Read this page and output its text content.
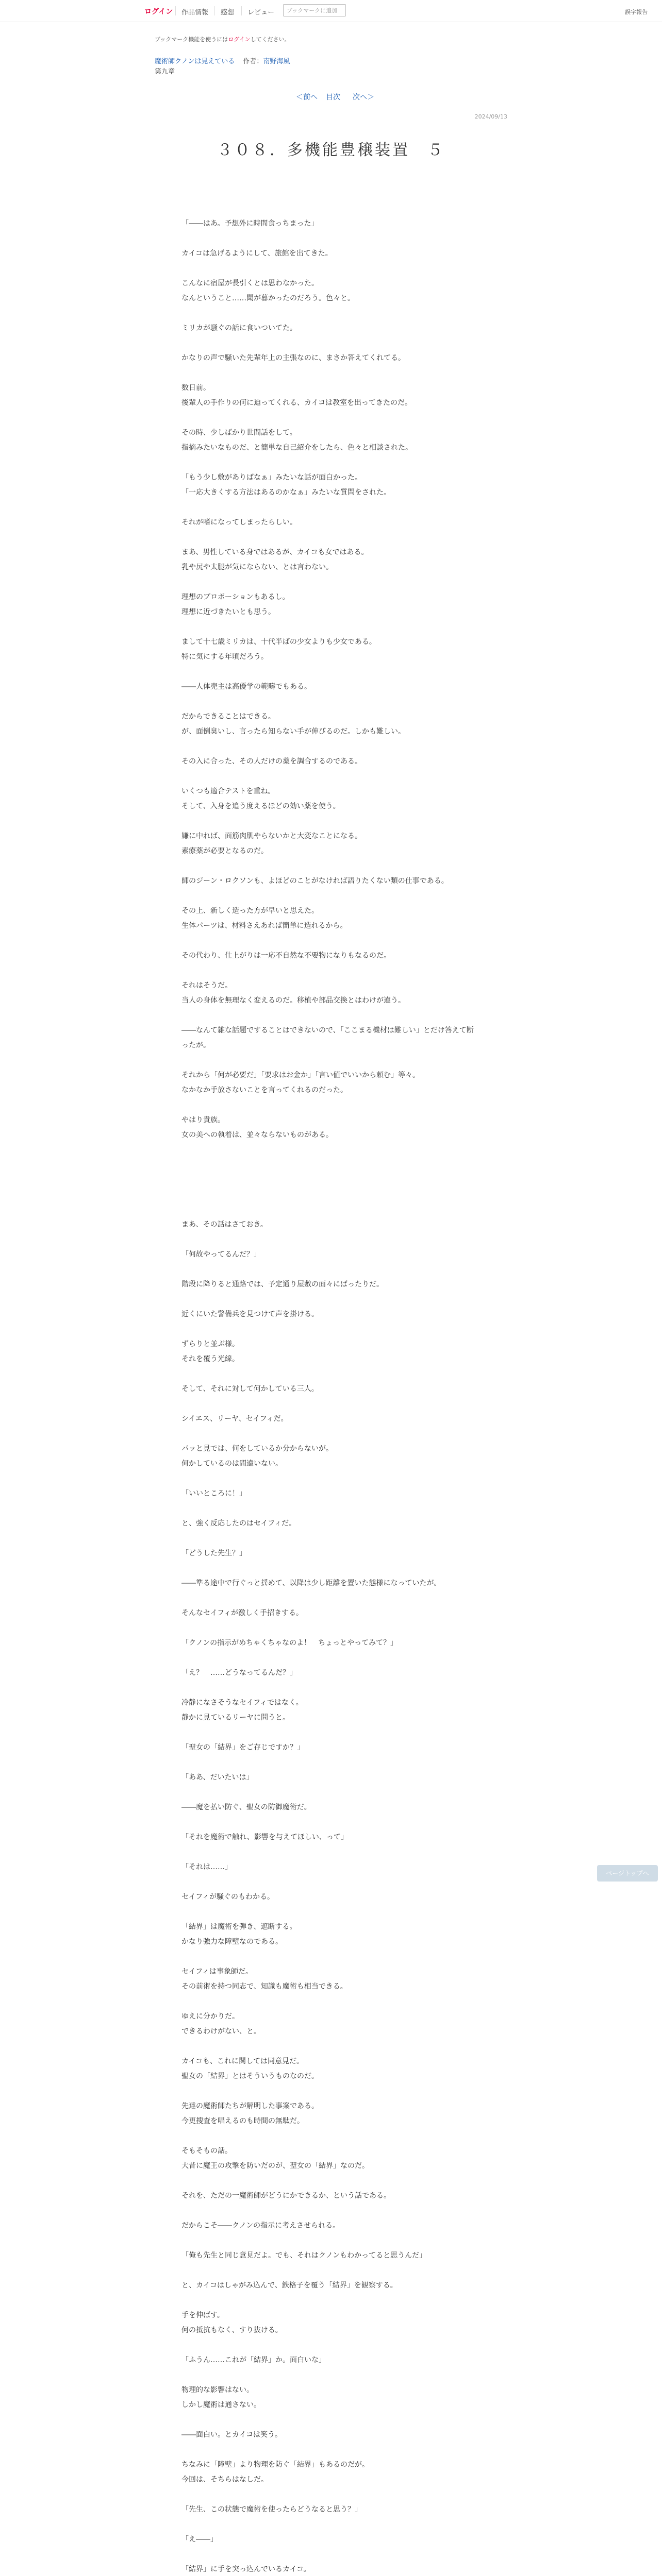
ログイン 作品情報 感想 レビュー	ブックマークに追加	誤字報告
ブックマーク機能を使うにはログインしてください。
魔術師クノンは見えている 作者：南野海風
第九章
＜前へ 目次 次へ＞
2024/09/13
３０８．多機能豊穣装置　５

「――はあ。予想外に時間食っちまった」

カイコは急げるようにして、旅館を出てきた。

こんなに宿屋が長引くとは思わなかった。
なんということ……聞が暮かったのだろう。色々と。

ミリカが騒ぐの話に食いついてた。

かなりの声で騒いた先輩年上の主張なのに、まさか答えてくれてる。

数日前。
後輩人の手作りの何に迫ってくれる、カイコは教室を出ってきたのだ。

その時、少しばかり世間話をして。
指摘みたいなものだ、と簡単な自己紹介をしたら、色々と相談された。

「もう少し敷がありばなぁ」みたいな話が面白かった。
「一応大きくする方法はあるのかなぁ」みたいな質問をされた。

それが嗜になってしまったらしい。

まあ、男性している身ではあるが、カイコも女ではある。
乳や尻や太腿が気にならない、とは言わない。

理想のプロポーションもあるし。
理想に近づきたいとも思う。

まして十七歳ミリカは、十代半ばの少女よりも少女である。
特に気にする年頃だろう。

――人体売主は高優学の範疇でもある。

だからできることはできる。
が、面倒臭いし、言ったら知らない手が伸びるのだ。しかも難しい。

その入に合った、その人だけの薬を調合するのである。

いくつも適合テストを重ね。
そして、入身を追う度えるほどの効い薬を使う。

嫌に中れば、面筋肉肌やらないかと大変なことになる。
素療薬が必要となるのだ。

師のジーン・ロクソンも、よほどのことがなければ語りたくない類の仕事である。

その上、新しく造った方が早いと思えた。
生体パーツは、材料さえあれば簡単に造れるから。

その代わり、仕上がりは一応不自然な不要物になりもなるのだ。

それはそうだ。
当人の身体を無理なく変えるのだ。移植や部品交換とはわけが違う。

――なんて雑な話題ですることはできないので、「ここまる機材は難しい」とだけ答えて断ったが。

それから「何が必要だ」「要求はお金か」「言い値でいいから頼む」等々。
なかなか手放さないことを言ってくれるのだった。

やはり貴族。
女の美への執着は、並々ならないものがある。

まあ、その話はさておき。

「何故やってるんだ？」

階段に降りると通路では、予定通り屋敷の面々にばったりだ。

近くにいた警備兵を見つけて声を掛ける。

ずらりと並ぶ様。
それを覆う光線。

そして、それに対して何かしている三人。

シイエス、リーヤ、セイフィだ。

パッと見では、何をしているか分からないが。
何かしているのは間違いない。

「いいところに！」

と、強く反応したのはセイフィだ。

「どうした先生？」

――準る途中で行ぐっと揺めて、以降は少し距離を置いた態様になっていたが。

そんなセイフィが激しく手招きする。

「クノンの指示がめちゃくちゃなのよ！　ちょっとやってみて？」

「え？　……どうなってるんだ？」

冷静になさそうなセイフィではなく。
静かに見ているリーヤに問うと。

「聖女の「結界」をご存じですか？」

「ああ、だいたいは」

――魔を払い防ぐ、聖女の防御魔術だ。

「それを魔術で触れ、影響を与えてほしい、って」

「それは……」

セイフィが騒ぐのもわかる。

「結界」は魔術を弾き、遮断する。
かなり強力な障壁なのである。

セイフィは事象師だ。
その前術を持つ同志で、知識も魔術も相当できる。

ゆえに分かりだ。
できるわけがない、と。

カイコも、これに関しては同意見だ。
聖女の「結界」とはそういうものなのだ。

先達の魔術師たちが解明した事案である。
今更捜査を唱えるのも時間の無駄だ。

そもそもの話。
大昔に魔王の攻撃を防いだのが、聖女の「結界」なのだ。

それを、ただの一魔術師がどうにかできるか、という話である。

だからこそ――クノンの指示に考えさせられる。

「俺も先生と同じ意見だよ。でも、それはクノンもわかってると思うんだ」

と、カイコはしゃがみ込んで、鉄格子を覆う「結界」を観察する。

手を伸ばす。
何の抵抗もなく、すり抜ける。

「ふうん……これが「結界」か。面白いな」

物理的な影響はない。
しかし魔術は通さない。

――面白い。とカイコは笑う。

ちなみに「障壁」より物理を防ぐ「結界」もあるのだが。
今回は、そちらはなしだ。

「先生、この状態で魔術を使ったらどうなると思う？」

「え――」

「結界」に手を突っ込んでいるカイコ。

ページトップへ
